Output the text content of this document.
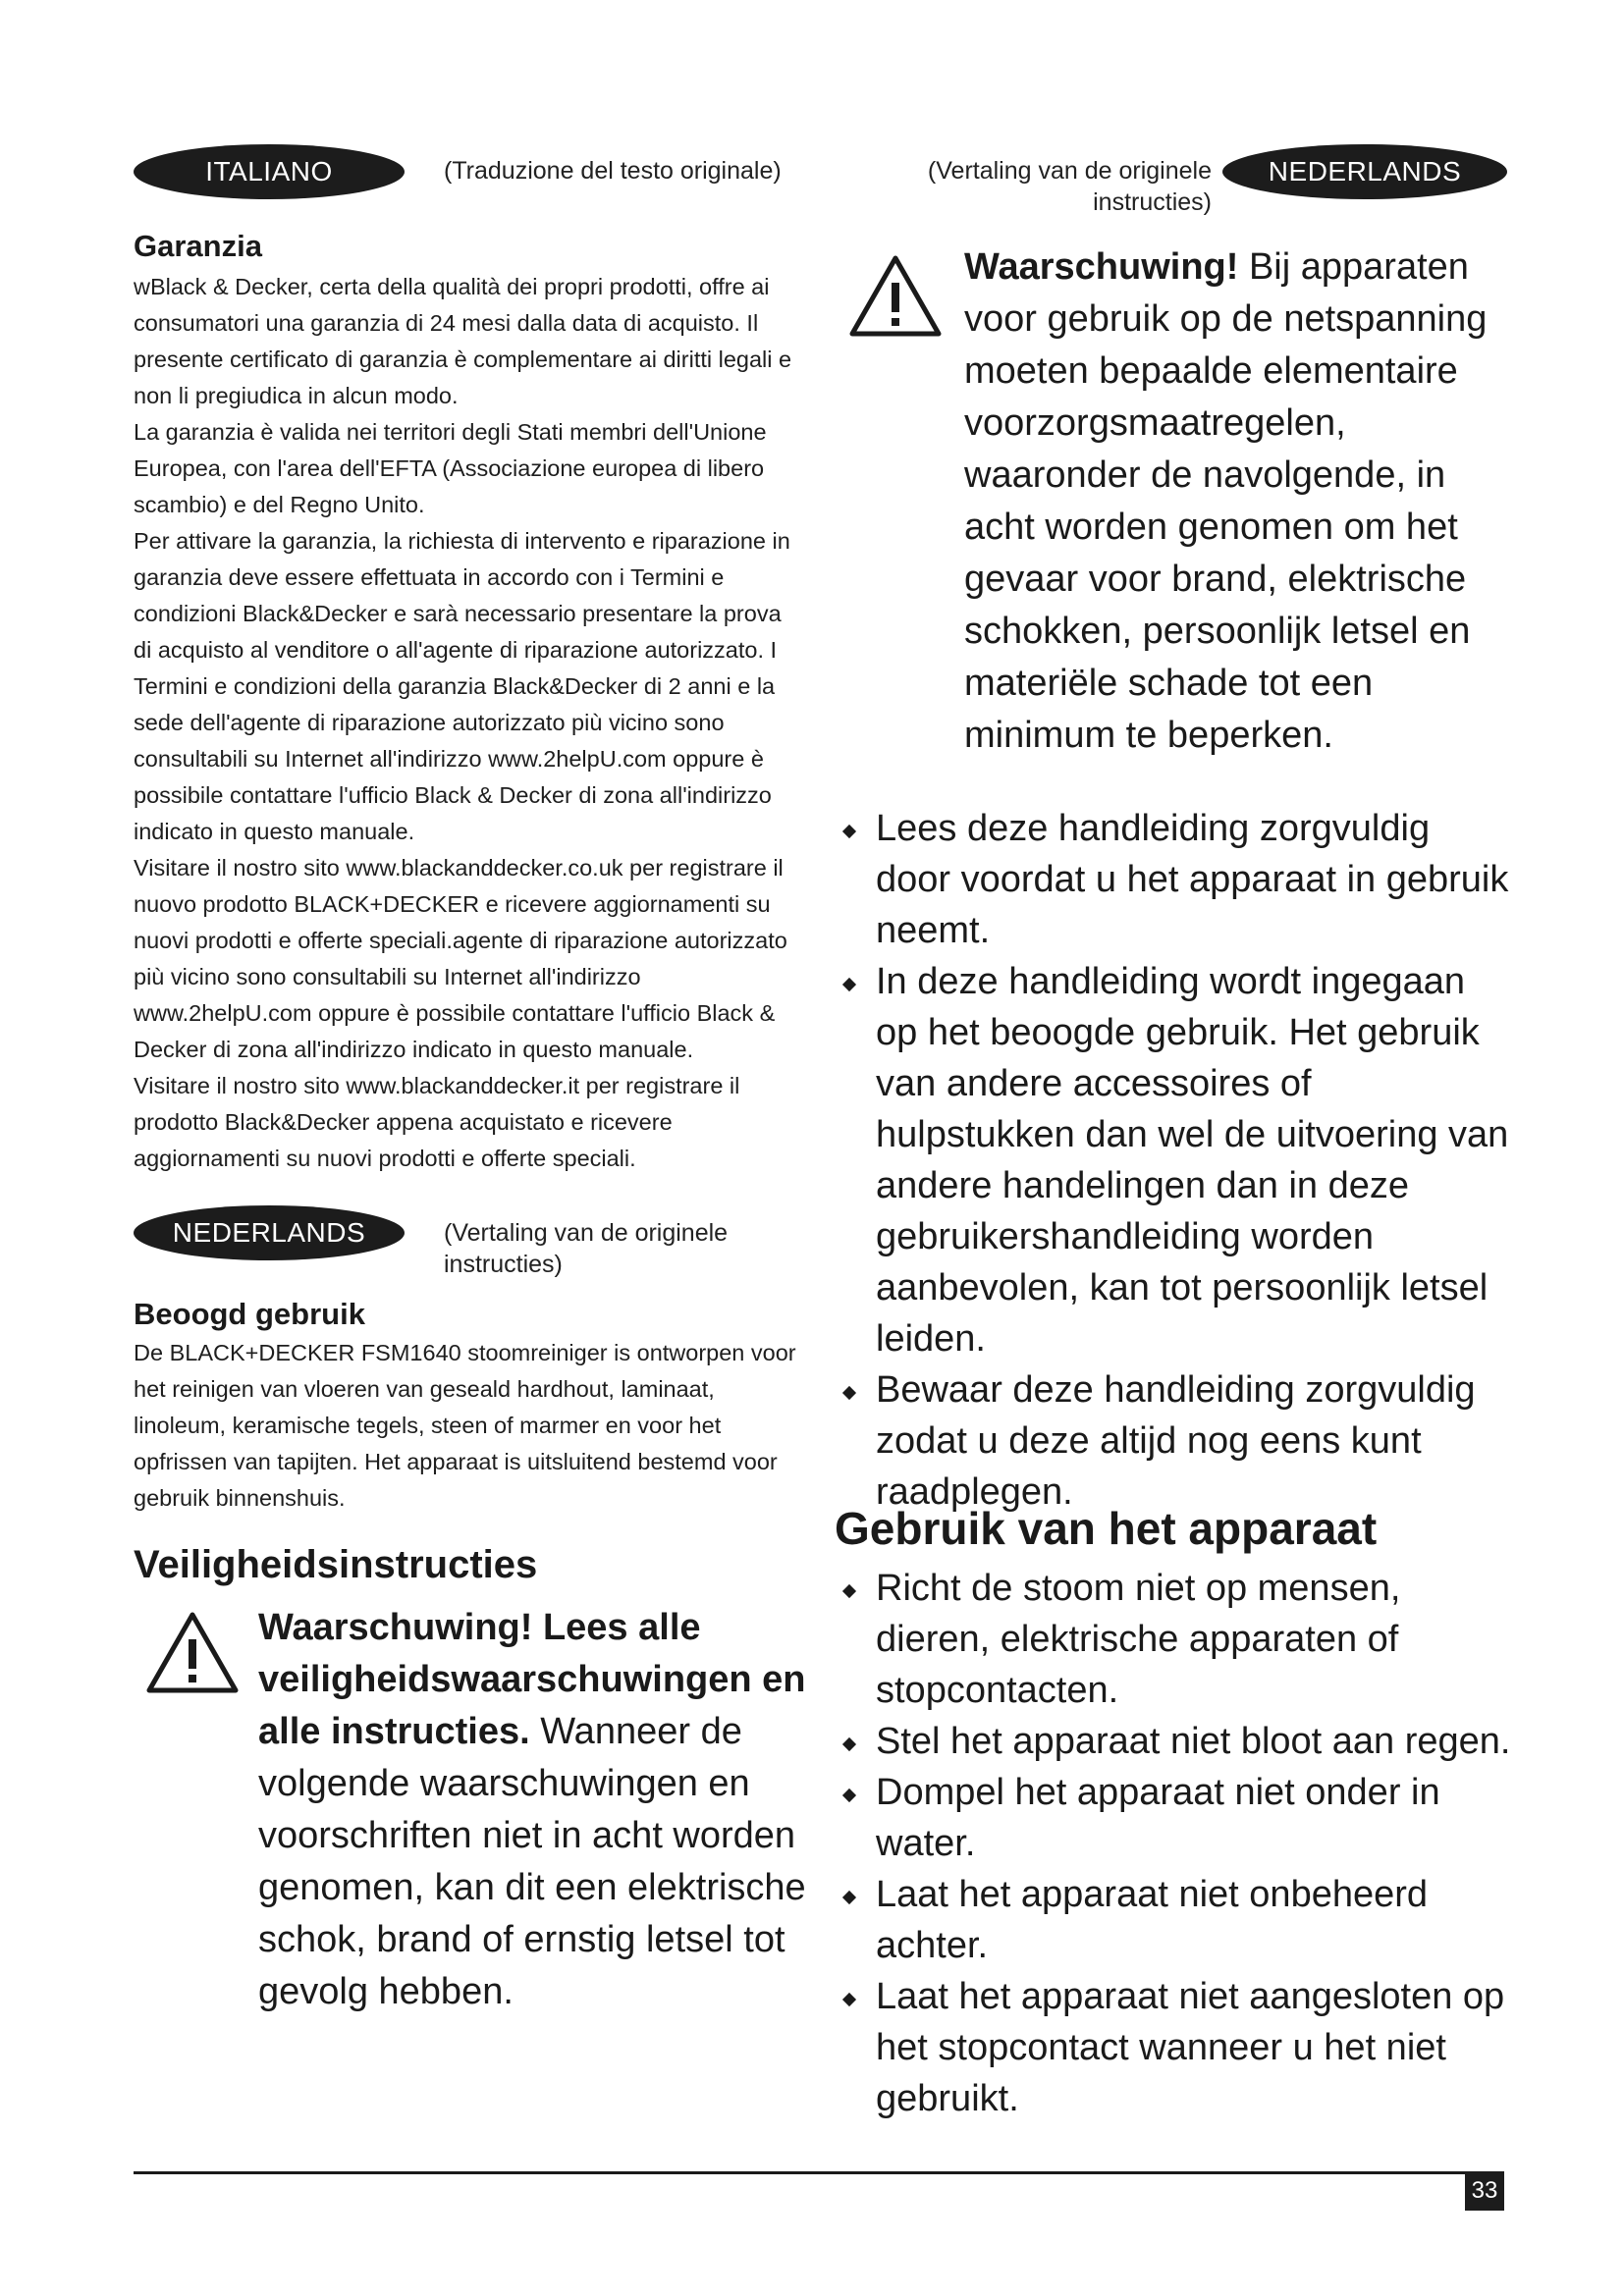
ITALIANO	(Traduzione del testo originale)
Garanzia

wBlack & Decker, certa della qualità dei propri prodotti, offre ai consumatori una garanzia di 24 mesi dalla data di acquisto. Il presente certificato di garanzia è complementare ai diritti legali e non li pregiudica in alcun modo.

La garanzia è valida nei territori degli Stati membri dell'Unione Europea, con l'area dell'EFTA (Associazione europea di libero scambio) e del Regno Unito.

Per attivare la garanzia, la richiesta di intervento e riparazione in garanzia deve essere effettuata in accordo con i Termini e condizioni Black&Decker e sarà necessario presentare la prova di acquisto al venditore o all'agente di riparazione autorizzato. I Termini e condizioni della garanzia Black&Decker di 2 anni e la sede dell'agente di riparazione autorizzato più vicino sono consultabili su Internet all'indirizzo www.2helpU.com oppure è possibile contattare l'ufficio Black & Decker di zona all'indirizzo indicato in questo manuale.

Visitare il nostro sito www.blackanddecker.co.uk per registrare il nuovo prodotto BLACK+DECKER e ricevere aggiornamenti su nuovi prodotti e offerte speciali.agente di riparazione autorizzato più vicino sono consultabili su Internet all'indirizzo www.2helpU.com oppure è possibile contattare l'ufficio Black & Decker di zona all'indirizzo indicato in questo manuale.

Visitare il nostro sito www.blackanddecker.it per registrare il prodotto Black&Decker appena acquistato e ricevere aggiornamenti su nuovi prodotti e offerte speciali.

NEDERLANDS	(Vertaling van de originele instructies)
Beoogd gebruik

De BLACK+DECKER FSM1640 stoomreiniger is ontworpen voor het reinigen van vloeren van geseald hardhout, laminaat, linoleum, keramische tegels, steen of marmer en voor het opfrissen van tapijten. Het apparaat is uitsluitend bestemd voor gebruik binnenshuis.

Veiligheidsinstructies

Waarschuwing! Lees alle veiligheidswaarschuwingen en alle instructies. Wanneer de volgende waarschuwingen en voorschriften niet in acht worden genomen, kan dit een elektrische schok, brand of ernstig letsel tot gevolg hebben.

(Vertaling van de originele instructies)
NEDERLANDS

Waarschuwing! Bij apparaten voor gebruik op de netspanning moeten bepaalde elementaire voorzorgsmaatregelen, waaronder de navolgende, in acht worden genomen om het gevaar voor brand, elektrische schokken, persoonlijk letsel en materiële schade tot een minimum te beperken.

Lees deze handleiding zorgvuldig door voordat u het apparaat in gebruik neemt.
In deze handleiding wordt ingegaan op het beoogde gebruik. Het gebruik van andere accessoires of hulpstukken dan wel de uitvoering van andere handelingen dan in deze gebruikershandleiding worden aanbevolen, kan tot persoonlijk letsel leiden.
Bewaar deze handleiding zorgvuldig zodat u deze altijd nog eens kunt raadplegen.
Gebruik van het apparaat
Richt de stoom niet op mensen, dieren, elektrische apparaten of stopcontacten.
Stel het apparaat niet bloot aan regen.
Dompel het apparaat niet onder in water.
Laat het apparaat niet onbeheerd achter.
Laat het apparaat niet aangesloten op het stopcontact wanneer u het niet gebruikt.
33
